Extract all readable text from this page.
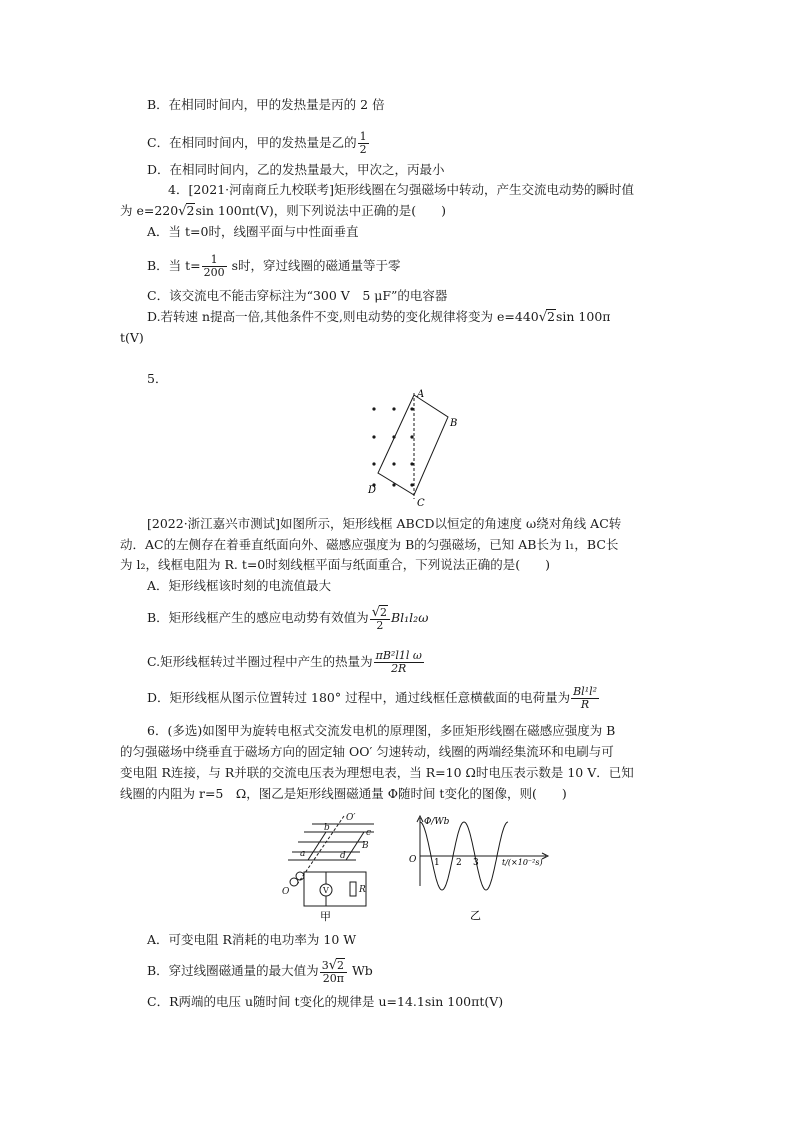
B．在相同时间内，甲的发热量是丙的 2 倍
C．在相同时间内，甲的发热量是乙的 $\frac{1}{2}$
D．在相同时间内，乙的发热量最大，甲次之，丙最小
4．[2021·河南商丘九校联考]矩形线圈在匀强磁场中转动，产生交流电动势的瞬时值
为 e=220√2sin 100πt(V)，则下列说法中正确的是(　　)
A．当 t=0时，线圈平面与中性面垂直
B．当 $t= \frac{1}{200}$ s时，穿过线圈的磁通量等于零
C．该交流电不能击穿标注为“300 V　5 μF”的电容器
D.若转速 n提高一倍,其他条件不变,则电动势的变化规律将变为 e=440√2sin 100π
t(V)
5．
A
B
C
D
[2022·浙江嘉兴市测试]如图所示，矩形线框 ABCD以恒定的角速度 ω绕对角线 AC转
动．AC的左侧存在着垂直纸面向外、磁感应强度为 B的匀强磁场，已知 AB长为 l₁，BC长
为 l₂，线框电阻为 R. t=0时刻线框平面与纸面重合，下列说法正确的是(　　)
A．矩形线框该时刻的电流值最大
B．矩形线框产生的感应电动势有效值为 $\frac{√2}{2} Bl_1l_2\omega$
C.矩形线框转过半圈过程中产生的热量为 $\frac{\text{πB²l1l ω}}{2R}$
D．矩形线框从图示位置转过 180° 过程中，通过线框任意横截面的电荷量为 $\frac{\text{Bl¹l²}}{R}$
6．(多选)如图甲为旋转电枢式交流发电机的原理图，多匝矩形线圈在磁感应强度为 B
的匀强磁场中绕垂直于磁场方向的固定轴 OO′ 匀速转动，线圈的两端经集流环和电刷与可
变电阻 R连接，与 R并联的交流电压表为理想电表，当 R=10 Ω时电压表示数是 10 V．已知
线圈的内阻为 r=5　Ω，图乙是矩形线圈磁通量 Φ随时间 t变化的图像，则(　　)
O′
b	c
B
a	d
O	V	R
甲
Φ/Wb
O 1 2 3	t/(×10⁻²s)
乙
A．可变电阻 R消耗的电功率为 10 W
B．穿过线圈磁通量的最大值为 $\frac{3√2}{20\pi}$ Wb
C．R两端的电压 u随时间 t变化的规律是 u=14.1sin 100πt(V)
